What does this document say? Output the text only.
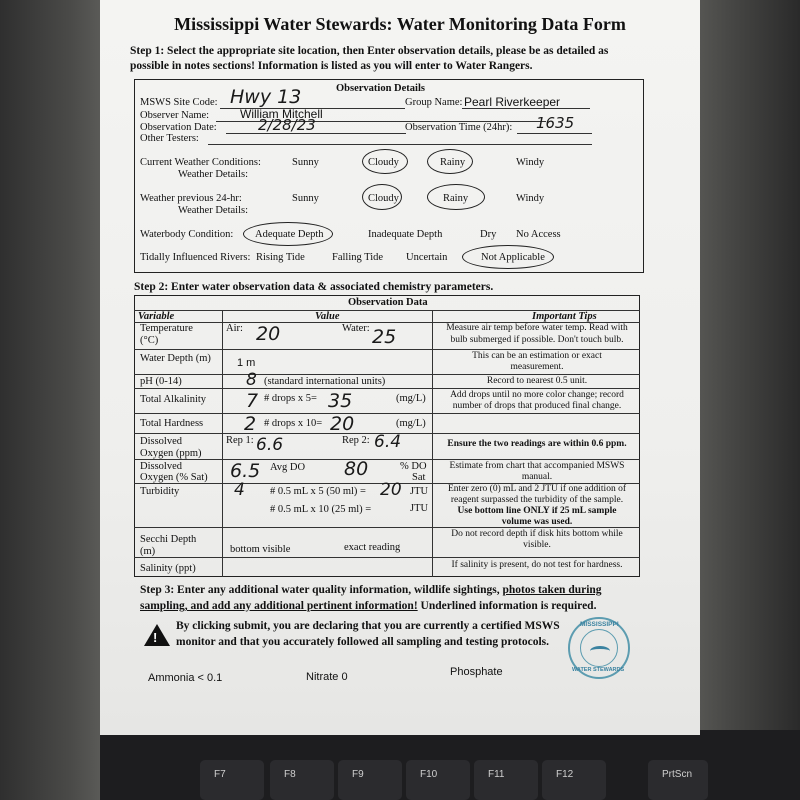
F7	F8	F9	F10	F11	F12	PrtScn
Mississippi Water Stewards: Water Monitoring Data Form
Step 1: Select the appropriate site location, then Enter observation details, please be as detailed as
possible in notes sections! Information is listed as you will enter to Water Rangers.
Observation Details
MSWS Site Code: Hwy 13	Group Name: Pearl Riverkeeper
Observer Name:	William Mitchell
Observation Date:	2/28/23	Observation Time (24hr): 1635
Other Testers:
Current Weather Conditions:
Weather Details:
Sunny	Cloudy	Rainy	Windy
Weather previous 24-hr:
Weather Details:
Sunny	Cloudy	Rainy	Windy
Waterbody Condition: Adequate Depth	Inadequate Depth	Dry No Access
Tidally Influenced Rivers: Rising Tide	Falling Tide Uncertain	Not Applicable
Step 2: Enter water observation data & associated chemistry parameters.
Observation Data
Variable	Value	Important Tips
Temperature
(°C)
Air: 20	Water: 25	Measure air temp before water temp. Read with
bulb submerged if possible. Don't touch bulb.
Water Depth (m) 1 m
This can be an estimation or exact
measurement.
pH (0-14)	8 (standard international units)	Record to nearest 0.5 unit.
Total Alkalinity 7 # drops x 5= 35	(mg/L)	Add drops until no more color change; record
number of drops that produced final change.
Total Hardness 2 # drops x 10= 20	(mg/L)
Dissolved
Oxygen (ppm)
Rep 1: 6.6	Rep 2: 6.4	Ensure the two readings are within 0.6 ppm.
Dissolved
Oxygen (% Sat) 6.5 Avg DO 80	% DO
Sat
Estimate from chart that accompanied MSWS
manual.
Turbidity	4 # 0.5 mL x 5 (50 ml) = 20 JTU
# 0.5 mL x 10 (25 ml) =	JTU
Enter zero (0) mL and 2 JTU if one addition of
reagent surpassed the turbidity of the sample.
Use bottom line ONLY if 25 mL sample
volume was used.
Secchi Depth
(m)	bottom visible	exact reading
Do not record depth if disk hits bottom while
visible.
Salinity (ppt)	If salinity is present, do not test for hardness.
Step 3: Enter any additional water quality information, wildlife sightings, photos taken during
sampling, and add any additional pertinent information! Underlined information is required.
!
By clicking submit, you are declaring that you are currently a certified MSWS
monitor and that you accurately followed all sampling and testing protocols.
MISSISSIPPI
WATER STEWARDS
Ammonia < 0.1	Nitrate 0	Phosphate
